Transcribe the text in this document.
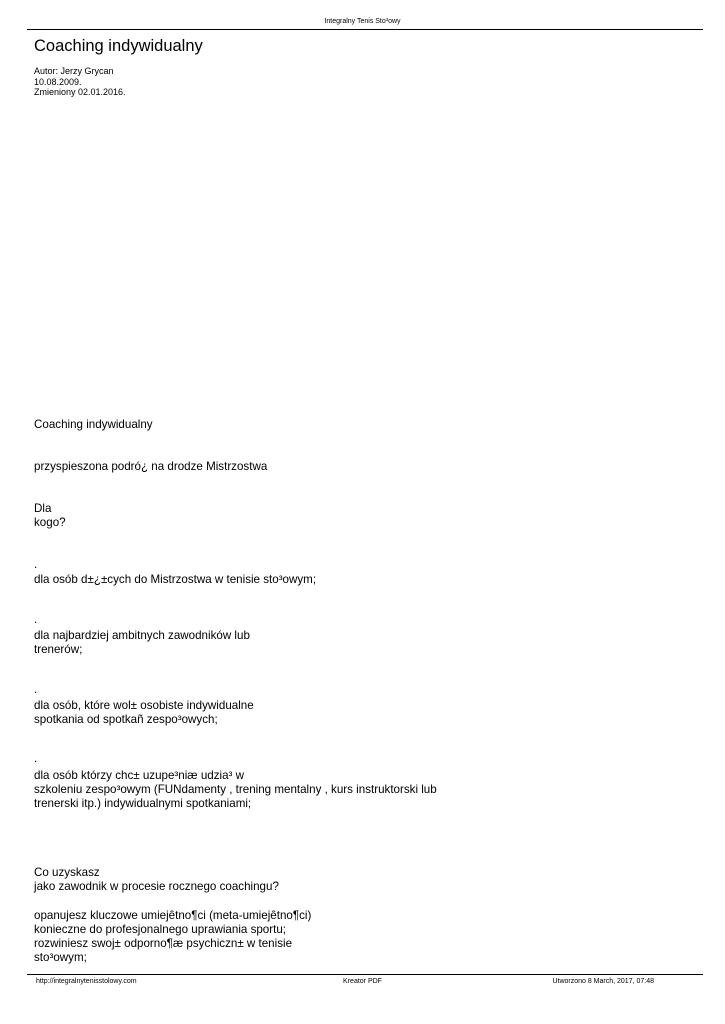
Integralny Tenis Sto³owy
Coaching indywidualny
Autor: Jerzy Grycan
10.08.2009.
Zmieniony 02.01.2016.
Coaching indywidualny
przyspieszona podró¿ na drodze Mistrzostwa
Dla
kogo?
.
dla osób d±¿±cych do Mistrzostwa w tenisie sto³owym;
.
dla najbardziej ambitnych zawodników lub
trenerów;
.
dla osób, które wol± osobiste indywidualne
spotkania od spotkañ zespo³owych;
.
dla osób którzy chc± uzupe³niæ udzia³ w
szkoleniu zespo³owym (FUNdamenty , trening mentalny , kurs instruktorski lub
trenerski itp.) indywidualnymi spotkaniami;
Co uzyskasz
jako zawodnik w procesie rocznego coachingu?
opanujesz kluczowe umiejêtno¶ci (meta-umiejêtno¶ci)
konieczne do profesjonalnego uprawiania sportu;
rozwiniesz swoj± odporno¶æ psychiczn± w tenisie
sto³owym;
http://integralnytenisstolowy.com	Kreator PDF	Utworzono 8 March, 2017, 07:48
